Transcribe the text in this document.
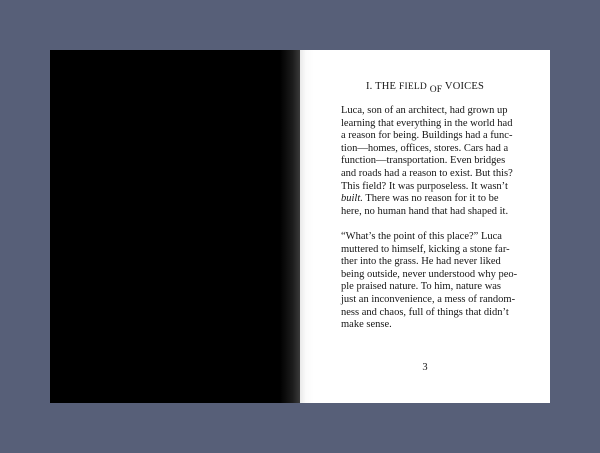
I. THE FIELD OF VOICES

Luca, son of an architect, had grown up
learning that everything in the world had
a reason for being. Buildings had a func-
tion—homes, offices, stores. Cars had a
function—transportation. Even bridges
and roads had a reason to exist. But this?
This field? It was purposeless. It wasn’t
built. There was no reason for it to be
here, no human hand that had shaped it.

“What’s the point of this place?” Luca
muttered to himself, kicking a stone far-
ther into the grass. He had never liked
being outside, never understood why peo-
ple praised nature. To him, nature was
just an inconvenience, a mess of random-
ness and chaos, full of things that didn’t
make sense.

3
